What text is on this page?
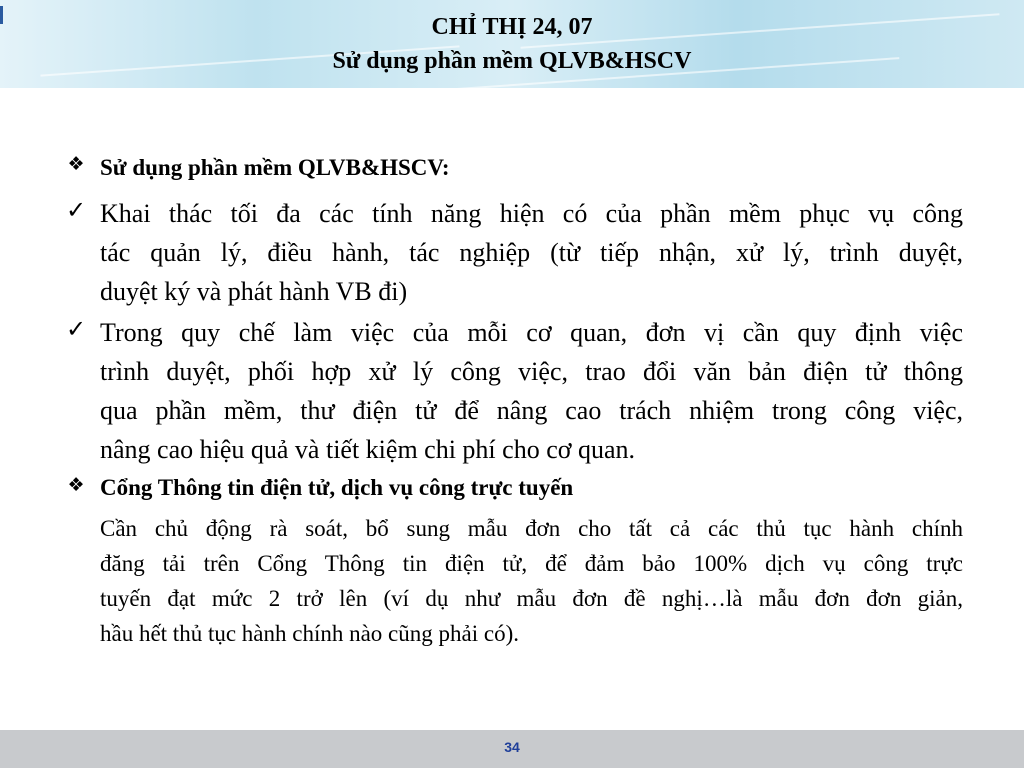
CHỈ THỊ 24, 07
Sử dụng phần mềm QLVB&HSCV
❖ Sử dụng phần mềm QLVB&HSCV:
✓ Khai thác tối đa các tính năng hiện có của phần mềm phục vụ công
tác quản lý, điều hành, tác nghiệp (từ tiếp nhận, xử lý, trình duyệt,
duyệt ký và phát hành VB đi)
✓ Trong quy chế làm việc của mỗi cơ quan, đơn vị cần quy định việc
trình duyệt, phối hợp xử lý công việc, trao đổi văn bản điện tử thông
qua phần mềm, thư điện tử để nâng cao trách nhiệm trong công việc,
nâng cao hiệu quả và tiết kiệm chi phí cho cơ quan.
❖ Cổng Thông tin điện tử, dịch vụ công trực tuyến
Cần chủ động rà soát, bổ sung mẫu đơn cho tất cả các thủ tục hành chính
đăng tải trên Cổng Thông tin điện tử, để đảm bảo 100% dịch vụ công trực
tuyến đạt mức 2 trở lên (ví dụ như mẫu đơn đề nghị…là mẫu đơn đơn giản,
hầu hết thủ tục hành chính nào cũng phải có).
34
